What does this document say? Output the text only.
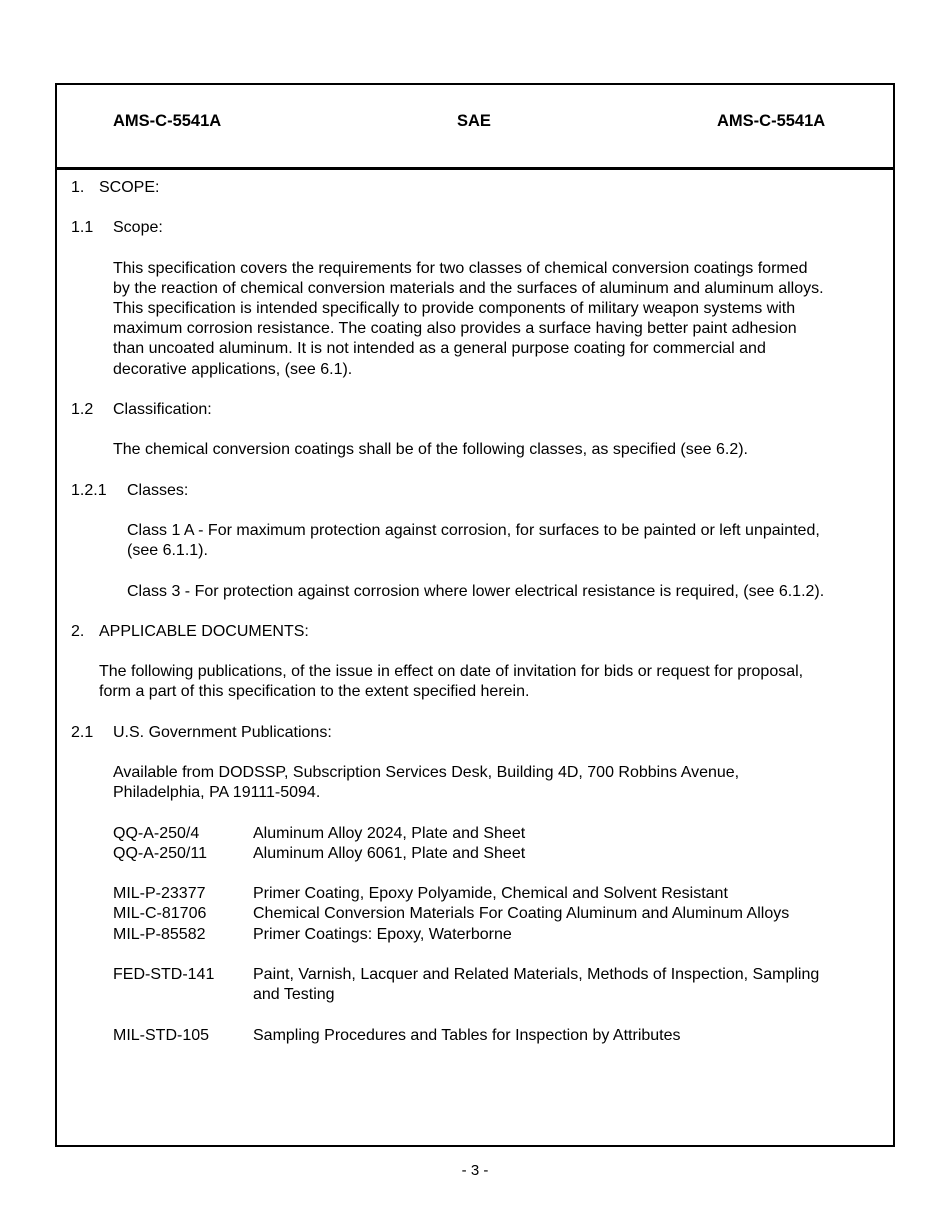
AMS-C-5541A	SAE	AMS-C-5541A
1. SCOPE:
1.1 Scope:
This specification covers the requirements for two classes of chemical conversion coatings formed
by the reaction of chemical conversion materials and the surfaces of aluminum and aluminum alloys.
This specification is intended specifically to provide components of military weapon systems with
maximum corrosion resistance. The coating also provides a surface having better paint adhesion
than uncoated aluminum. It is not intended as a general purpose coating for commercial and
decorative applications, (see 6.1).
1.2 Classification:
The chemical conversion coatings shall be of the following classes, as specified (see 6.2).
1.2.1 Classes:
Class 1 A - For maximum protection against corrosion, for surfaces to be painted or left unpainted,
(see 6.1.1).
Class 3 - For protection against corrosion where lower electrical resistance is required, (see 6.1.2).
2. APPLICABLE DOCUMENTS:
The following publications, of the issue in effect on date of invitation for bids or request for proposal,
form a part of this specification to the extent specified herein.
2.1 U.S. Government Publications:
Available from DODSSP, Subscription Services Desk, Building 4D, 700 Robbins Avenue,
Philadelphia, PA 19111-5094.
QQ-A-250/4	Aluminum Alloy 2024, Plate and Sheet
QQ-A-250/11	Aluminum Alloy 6061, Plate and Sheet
MIL-P-23377	Primer Coating, Epoxy Polyamide, Chemical and Solvent Resistant
MIL-C-81706	Chemical Conversion Materials For Coating Aluminum and Aluminum Alloys
MIL-P-85582	Primer Coatings: Epoxy, Waterborne
FED-STD-141 Paint, Varnish, Lacquer and Related Materials, Methods of Inspection, Sampling
and Testing
MIL-STD-105	Sampling Procedures and Tables for Inspection by Attributes
- 3 -
